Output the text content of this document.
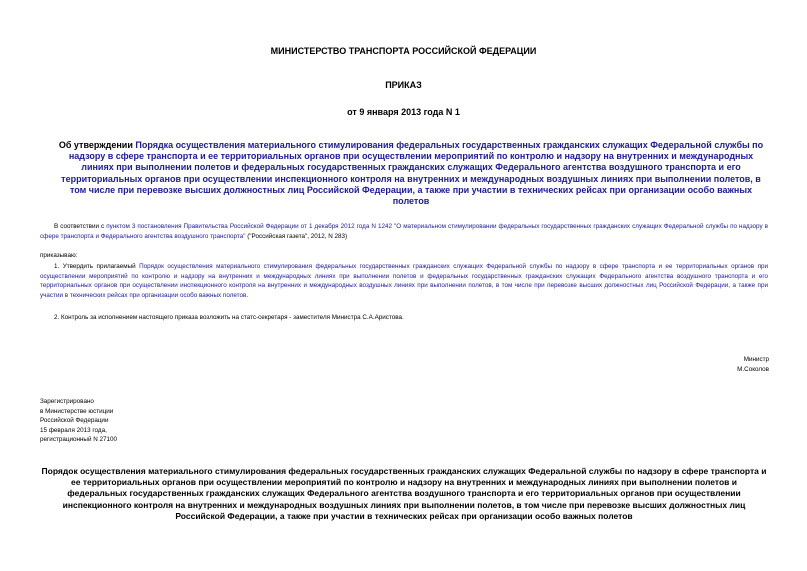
МИНИСТЕРСТВО ТРАНСПОРТА РОССИЙСКОЙ ФЕДЕРАЦИИ
ПРИКАЗ
от 9 января 2013 года N 1
Об утверждении Порядка осуществления материального стимулирования федеральных государственных гражданских служащих Федеральной службы по надзору в сфере транспорта и ее территориальных органов при осуществлении мероприятий по контролю и надзору на внутренних и международных линиях при выполнении полетов и федеральных государственных гражданских служащих Федерального агентства воздушного транспорта и его территориальных органов при осуществлении инспекционного контроля на внутренних и международных воздушных линиях при выполнении полетов, в том числе при перевозке высших должностных лиц Российской Федерации, а также при участии в технических рейсах при организации особо важных полетов
В соответствии с пунктом 3 постановления Правительства Российской Федерации от 1 декабря 2012 года N 1242 "О материальном стимулировании федеральных государственных гражданских служащих Федеральной службы по надзору в сфере транспорта и Федерального агентства воздушного транспорта" ("Российская газета", 2012, N 283)
приказываю:
1. Утвердить прилагаемый Порядок осуществления материального стимулирования федеральных государственных гражданских служащих Федеральной службы по надзору в сфере транспорта и ее территориальных органов при осуществлении мероприятий по контролю и надзору на внутренних и международных линиях при выполнении полетов и федеральных государственных гражданских служащих Федерального агентства воздушного транспорта и его территориальных органов при осуществлении инспекционного контроля на внутренних и международных воздушных линиях при выполнении полетов, в том числе при перевозке высших должностных лиц Российской Федерации, а также при участии в технических рейсах при организации особо важных полетов.
2. Контроль за исполнением настоящего приказа возложить на статс-секретаря - заместителя Министра С.А.Аристова.
Министр
М.Соколов
Зарегистрировано
в Министерстве юстиции
Российской Федерации
15 февраля 2013 года,
регистрационный N 27100
Порядок осуществления материального стимулирования федеральных государственных гражданских служащих Федеральной службы по надзору в сфере транспорта и ее территориальных органов при осуществлении мероприятий по контролю и надзору на внутренних и международных линиях при выполнении полетов и федеральных государственных гражданских служащих Федерального агентства воздушного транспорта и его территориальных органов при осуществлении инспекционного контроля на внутренних и международных воздушных линиях при выполнении полетов, в том числе при перевозке высших должностных лиц Российской Федерации, а также при участии в технических рейсах при организации особо важных полетов
